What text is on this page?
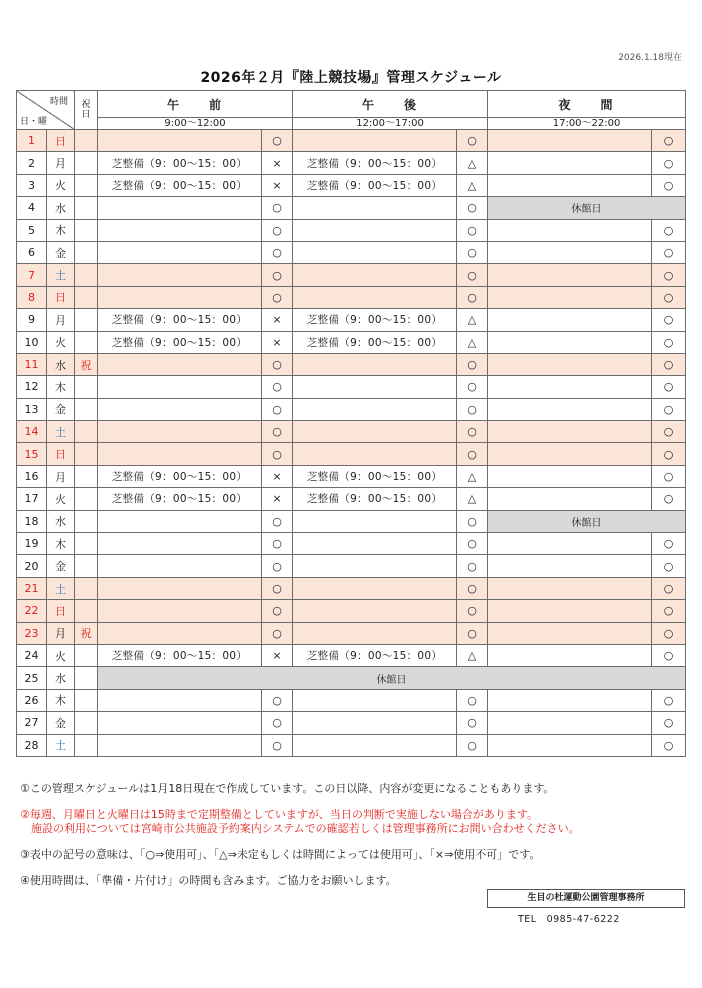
2026.1.18現在
2026年２月『陸上競技場』管理スケジュール
時間
日・曜		祝日	午　　前		午　　後		夜　　間	
			9:00～12:00		12:00～17:00		17:00～22:00	
1	日			○		○		○
2	月		芝整備（9：00～15：00）	×	芝整備（9：00～15：00）	△		○
3	火		芝整備（9：00～15：00）	×	芝整備（9：00～15：00）	△		○
4	水			○		○	休館日	
5	木			○		○		○
6	金			○		○		○
7	土			○		○		○
8	日			○		○		○
9	月		芝整備（9：00～15：00）	×	芝整備（9：00～15：00）	△		○
10	火		芝整備（9：00～15：00）	×	芝整備（9：00～15：00）	△		○
11	水	祝		○		○		○
12	木			○		○		○
13	金			○		○		○
14	土			○		○		○
15	日			○		○		○
16	月		芝整備（9：00～15：00）	×	芝整備（9：00～15：00）	△		○
17	火		芝整備（9：00～15：00）	×	芝整備（9：00～15：00）	△		○
18	水			○		○	休館日	
19	木			○		○		○
20	金			○		○		○
21	土			○		○		○
22	日			○		○		○
23	月	祝		○		○		○
24	火		芝整備（9：00～15：00）	×	芝整備（9：00～15：00）	△		○
25	水		休館日					
26	木			○		○		○
27	金			○		○		○
28	土			○		○		○
①この管理スケジュールは1月18日現在で作成しています。この日以降、内容が変更になることもあります。
②毎週、月曜日と火曜日は15時まで定期整備としていますが、当日の判断で実施しない場合があります。
　施設の利用については宮崎市公共施設予約案内システムでの確認若しくは管理事務所にお問い合わせください。
③表中の記号の意味は、「○⇒使用可」、「△⇒未定もしくは時間によっては使用可」、「×⇒使用不可」です。
④使用時間は、「準備・片付け」の時間も含みます。ご協力をお願いします。
生目の杜運動公園管理事務所
TEL　0985-47-6222
